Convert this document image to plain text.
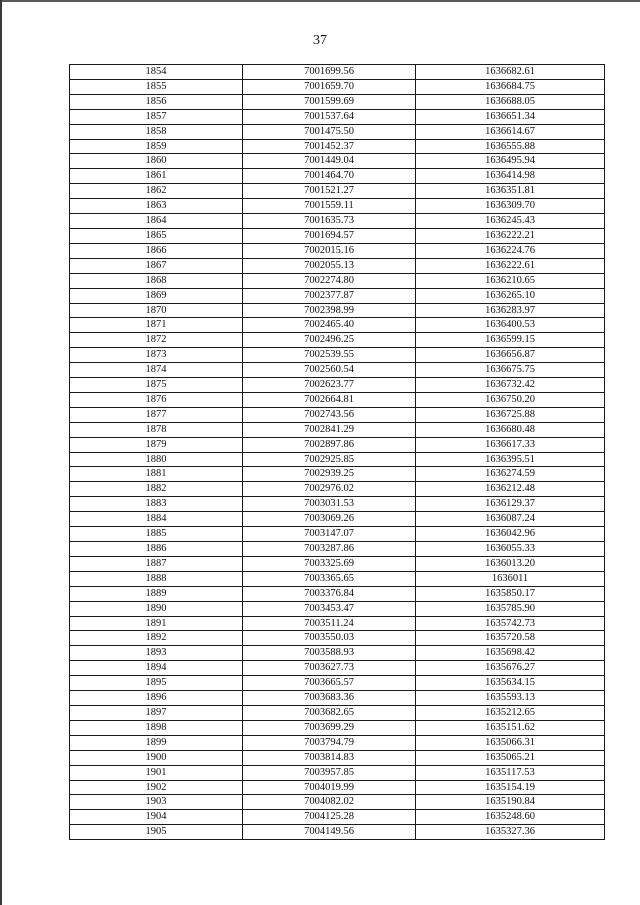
37
1854	7001699.56	1636682.61
1855	7001659.70	1636684.75
1856	7001599.69	1636688.05
1857	7001537.64	1636651.34
1858	7001475.50	1636614.67
1859	7001452.37	1636555.88
1860	7001449.04	1636495.94
1861	7001464.70	1636414.98
1862	7001521.27	1636351.81
1863	7001559.11	1636309.70
1864	7001635.73	1636245.43
1865	7001694.57	1636222.21
1866	7002015.16	1636224.76
1867	7002055.13	1636222.61
1868	7002274.80	1636210.65
1869	7002377.87	1636265.10
1870	7002398.99	1636283.97
1871	7002465.40	1636400.53
1872	7002496.25	1636599.15
1873	7002539.55	1636656.87
1874	7002560.54	1636675.75
1875	7002623.77	1636732.42
1876	7002664.81	1636750.20
1877	7002743.56	1636725.88
1878	7002841.29	1636680.48
1879	7002897.86	1636617.33
1880	7002925.85	1636395.51
1881	7002939.25	1636274.59
1882	7002976.02	1636212.48
1883	7003031.53	1636129.37
1884	7003069.26	1636087.24
1885	7003147.07	1636042.96
1886	7003287.86	1636055.33
1887	7003325.69	1636013.20
1888	7003365.65	1636011
1889	7003376.84	1635850.17
1890	7003453.47	1635785.90
1891	7003511.24	1635742.73
1892	7003550.03	1635720.58
1893	7003588.93	1635698.42
1894	7003627.73	1635676.27
1895	7003665.57	1635634.15
1896	7003683.36	1635593.13
1897	7003682.65	1635212.65
1898	7003699.29	1635151.62
1899	7003794.79	1635066.31
1900	7003814.83	1635065.21
1901	7003957.85	1635117.53
1902	7004019.99	1635154.19
1903	7004082.02	1635190.84
1904	7004125.28	1635248.60
1905	7004149.56	1635327.36
